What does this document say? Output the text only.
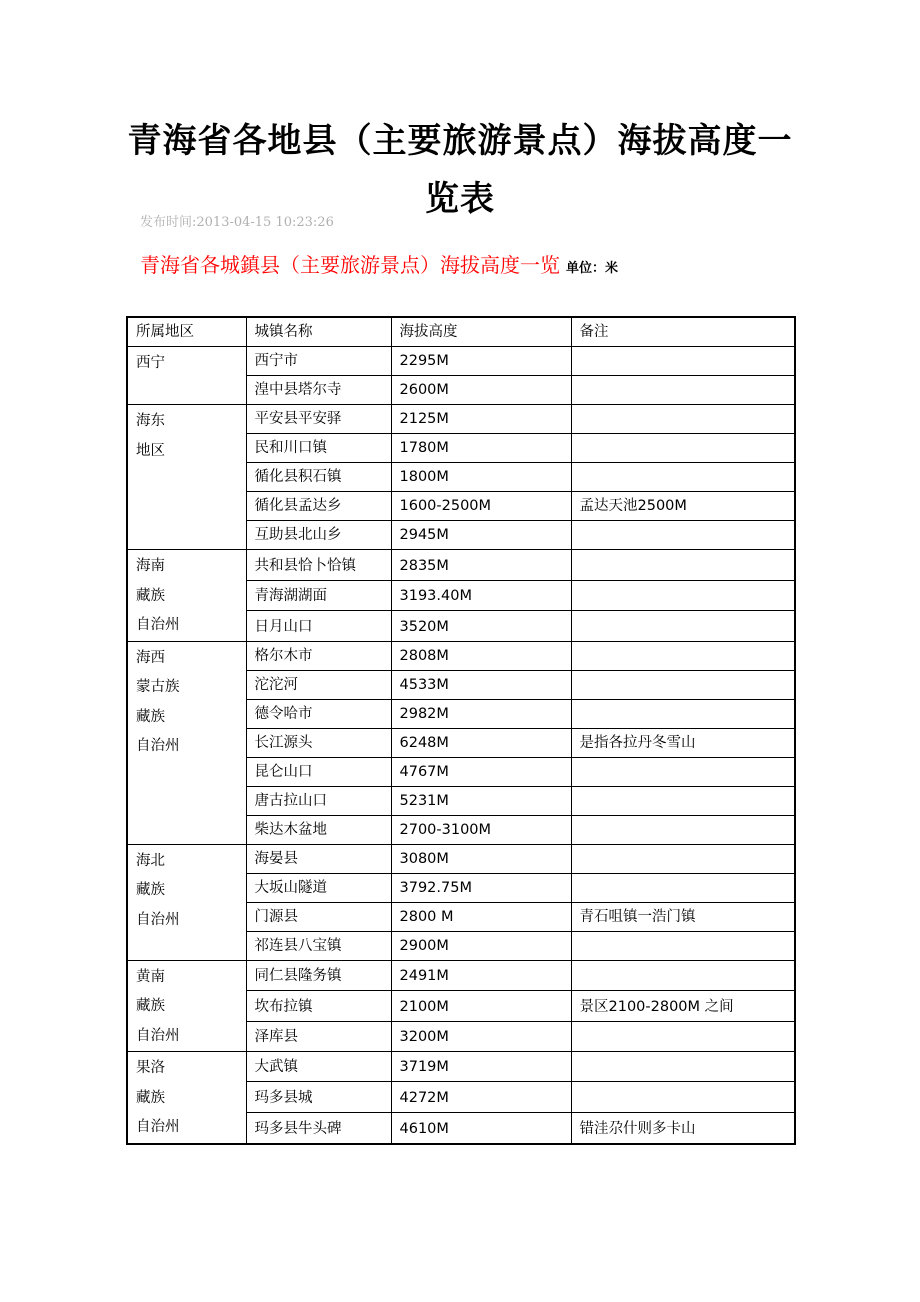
青海省各地县（主要旅游景点）海拔高度一览表
发布时间:2013-04-15 10:23:26
青海省各城鎮县（主要旅游景点）海拔高度一览 单位：米
所属地区	城镇名称	海拔高度	备注

西宁	西宁市	2295M	
	湟中县塔尔寺	2600M	

海东
地区	平安县平安驿	2125M	
	民和川口镇	1780M	
	循化县积石镇	1800M	
	循化县孟达乡	1600-2500M	孟达天池2500M
	互助县北山乡	2945M	

海南
藏族
自治州	共和县恰卜恰镇	2835M	
	青海湖湖面	3193.40M	
	日月山口	3520M	

海西
蒙古族
藏族
自治州	格尔木市	2808M	
	沱沱河	4533M	
	德令哈市	2982M	
	长江源头	6248M	是指各拉丹冬雪山
	昆仑山口	4767M	
	唐古拉山口	5231M	
	柴达木盆地	2700-3100M	

海北
藏族
自治州	海晏县	3080M	
	大坂山隧道	3792.75M	
	门源县	2800 M	青石咀镇一浩门镇
	祁连县八宝镇	2900M	

黄南
藏族
自治州	同仁县隆务镇	2491M	
	坎布拉镇	2100M	景区2100-2800M 之间
	泽库县	3200M	

果洛
藏族
自治州	大武镇	3719M	
	玛多县城	4272M	
	玛多县牛头碑	4610M	错洼尕什则多卡山
